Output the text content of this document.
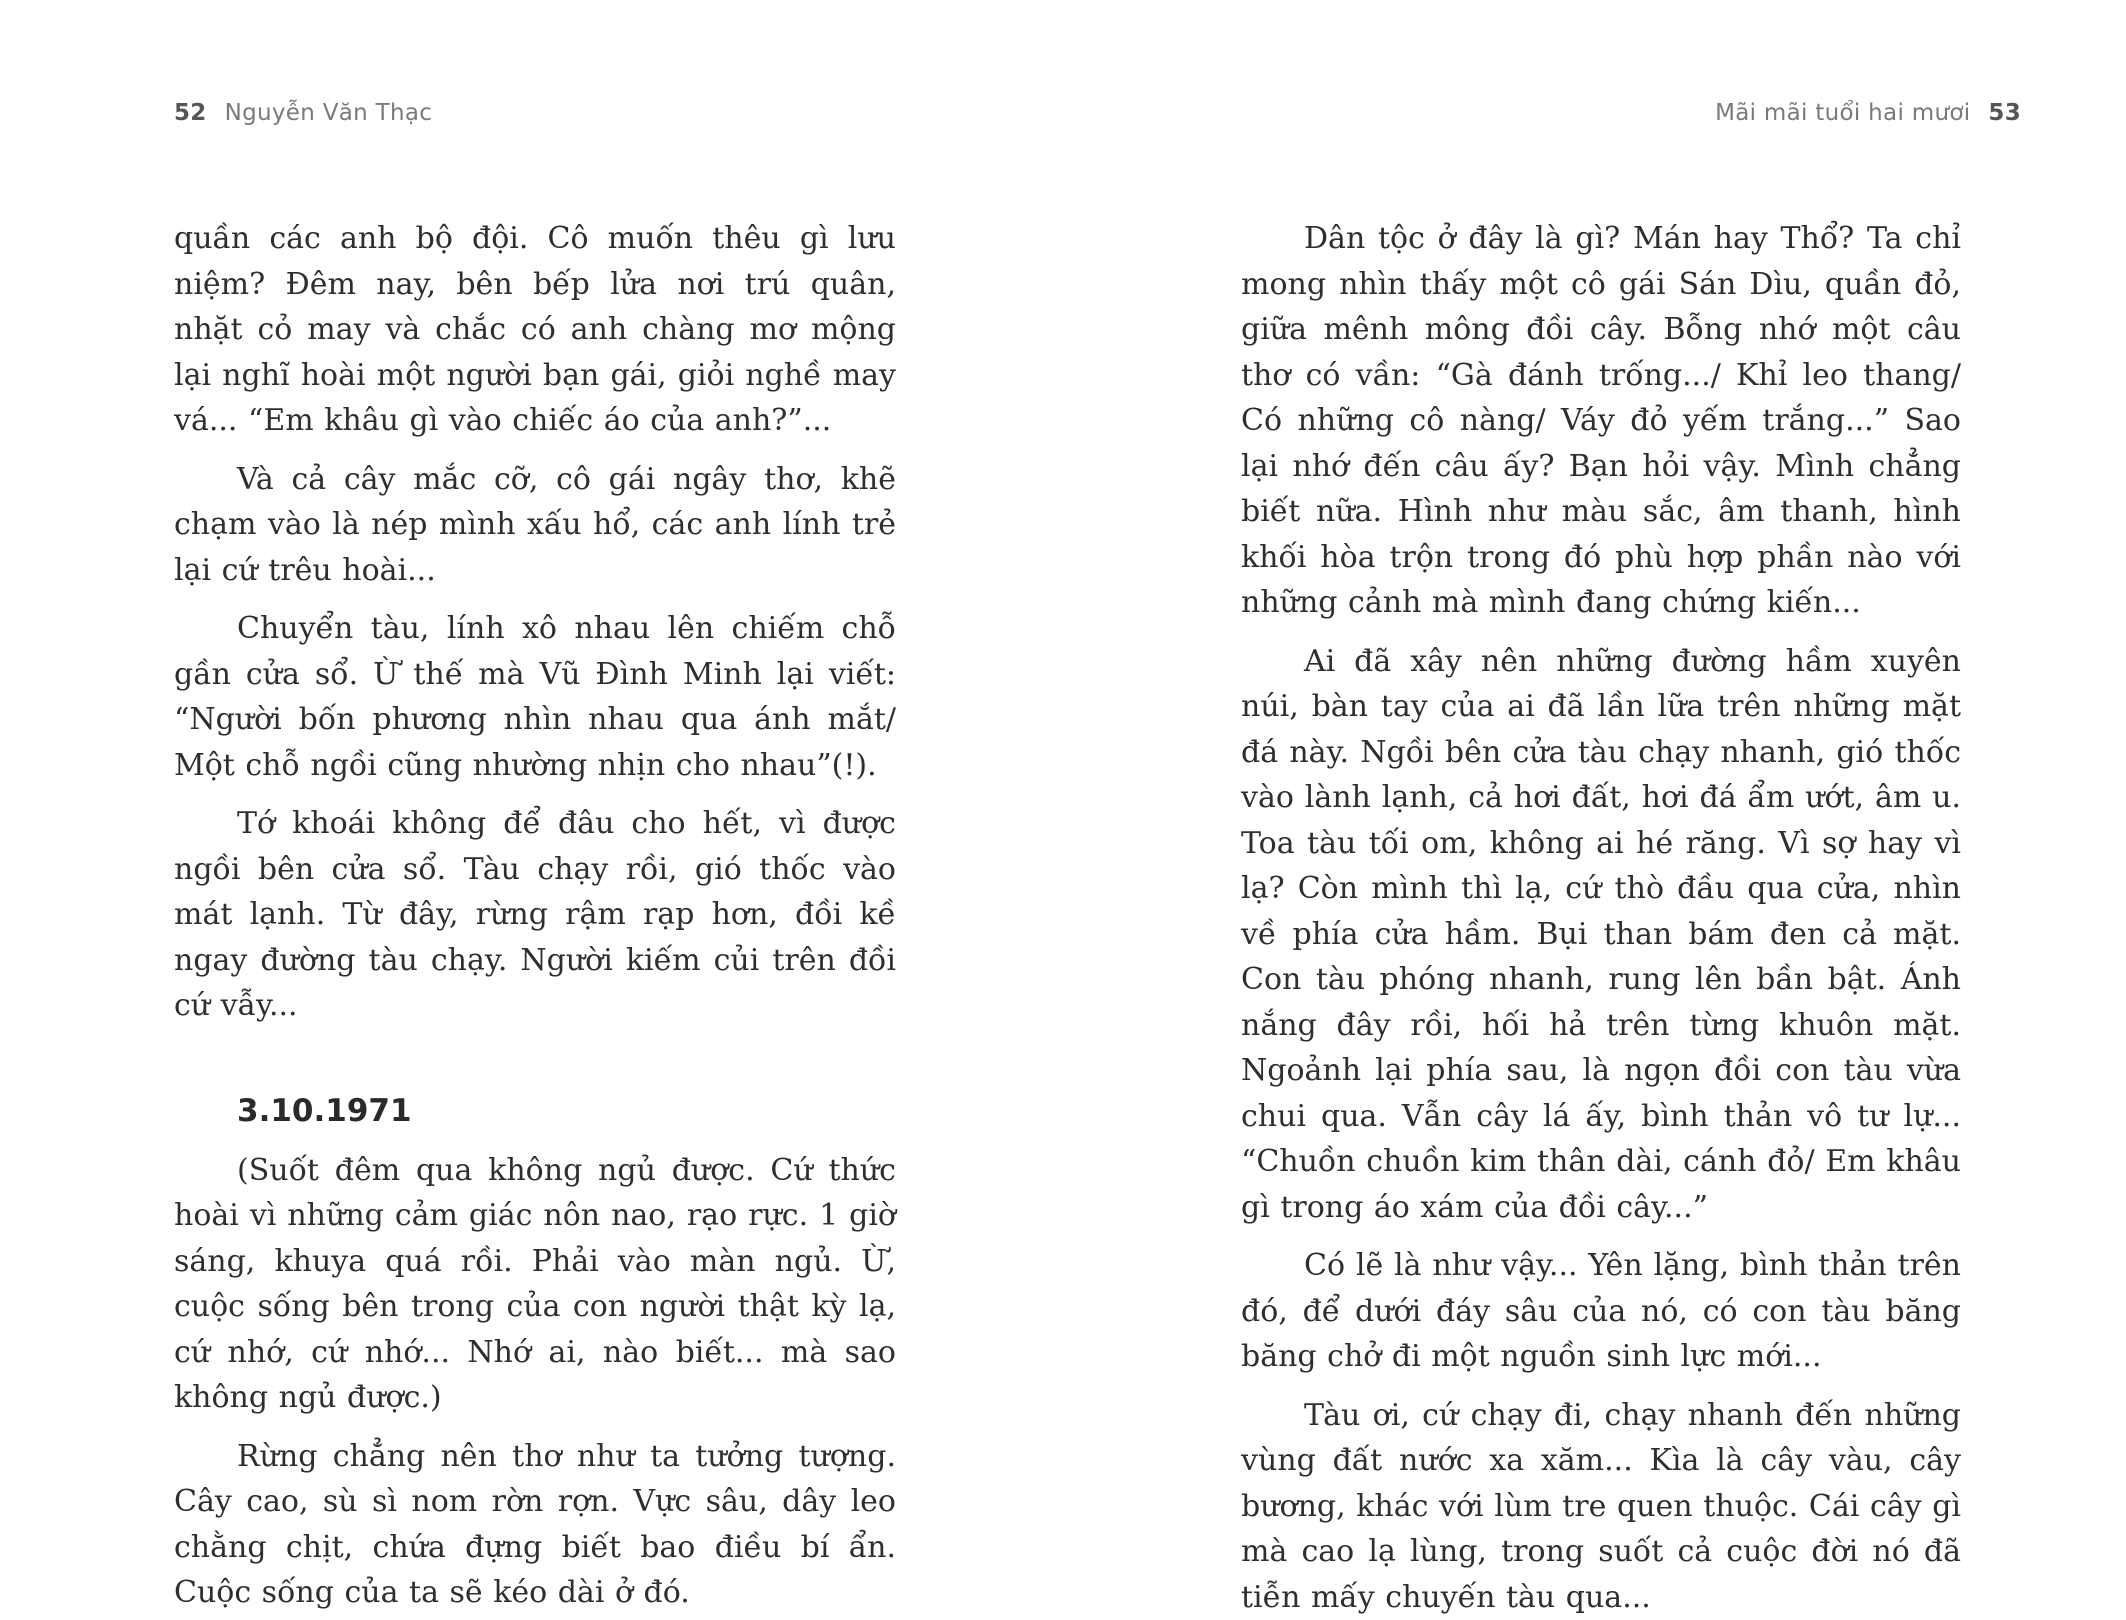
52 Nguyễn Văn Thạc

quần các anh bộ đội. Cô muốn thêu gì lưu niệm? Đêm nay, bên bếp lửa nơi trú quân, nhặt cỏ may và chắc có anh chàng mơ mộng lại nghĩ hoài một người bạn gái, giỏi nghề may vá... “Em khâu gì vào chiếc áo của anh?”...

Và cả cây mắc cỡ, cô gái ngây thơ, khẽ chạm vào là nép mình xấu hổ, các anh lính trẻ lại cứ trêu hoài...

Chuyển tàu, lính xô nhau lên chiếm chỗ gần cửa sổ. Ừ thế mà Vũ Đình Minh lại viết: “Người bốn phương nhìn nhau qua ánh mắt/ Một chỗ ngồi cũng nhường nhịn cho nhau”(!).

Tớ khoái không để đâu cho hết, vì được ngồi bên cửa sổ. Tàu chạy rồi, gió thốc vào mát lạnh. Từ đây, rừng rậm rạp hơn, đồi kề ngay đường tàu chạy. Người kiếm củi trên đồi cứ vẫy...

3.10.1971

(Suốt đêm qua không ngủ được. Cứ thức hoài vì những cảm giác nôn nao, rạo rực. 1 giờ sáng, khuya quá rồi. Phải vào màn ngủ. Ừ, cuộc sống bên trong của con người thật kỳ lạ, cứ nhớ, cứ nhớ... Nhớ ai, nào biết... mà sao không ngủ được.)

Rừng chẳng nên thơ như ta tưởng tượng. Cây cao, sù sì nom rờn rợn. Vực sâu, dây leo chằng chịt, chứa đựng biết bao điều bí ẩn. Cuộc sống của ta sẽ kéo dài ở đó.

Mãi mãi tuổi hai mươi 53

Dân tộc ở đây là gì? Mán hay Thổ? Ta chỉ mong nhìn thấy một cô gái Sán Dìu, quần đỏ, giữa mênh mông đồi cây. Bỗng nhớ một câu thơ có vần: “Gà đánh trống.../ Khỉ leo thang/ Có những cô nàng/ Váy đỏ yếm trắng...” Sao lại nhớ đến câu ấy? Bạn hỏi vậy. Mình chẳng biết nữa. Hình như màu sắc, âm thanh, hình khối hòa trộn trong đó phù hợp phần nào với những cảnh mà mình đang chứng kiến...

Ai đã xây nên những đường hầm xuyên núi, bàn tay của ai đã lần lữa trên những mặt đá này. Ngồi bên cửa tàu chạy nhanh, gió thốc vào lành lạnh, cả hơi đất, hơi đá ẩm ướt, âm u. Toa tàu tối om, không ai hé răng. Vì sợ hay vì lạ? Còn mình thì lạ, cứ thò đầu qua cửa, nhìn về phía cửa hầm. Bụi than bám đen cả mặt. Con tàu phóng nhanh, rung lên bần bật. Ánh nắng đây rồi, hối hả trên từng khuôn mặt. Ngoảnh lại phía sau, là ngọn đồi con tàu vừa chui qua. Vẫn cây lá ấy, bình thản vô tư lự... “Chuồn chuồn kim thân dài, cánh đỏ/ Em khâu gì trong áo xám của đồi cây...”

Có lẽ là như vậy... Yên lặng, bình thản trên đó, để dưới đáy sâu của nó, có con tàu băng băng chở đi một nguồn sinh lực mới...

Tàu ơi, cứ chạy đi, chạy nhanh đến những vùng đất nước xa xăm... Kìa là cây vàu, cây bương, khác với lùm tre quen thuộc. Cái cây gì mà cao lạ lùng, trong suốt cả cuộc đời nó đã tiễn mấy chuyến tàu qua...
